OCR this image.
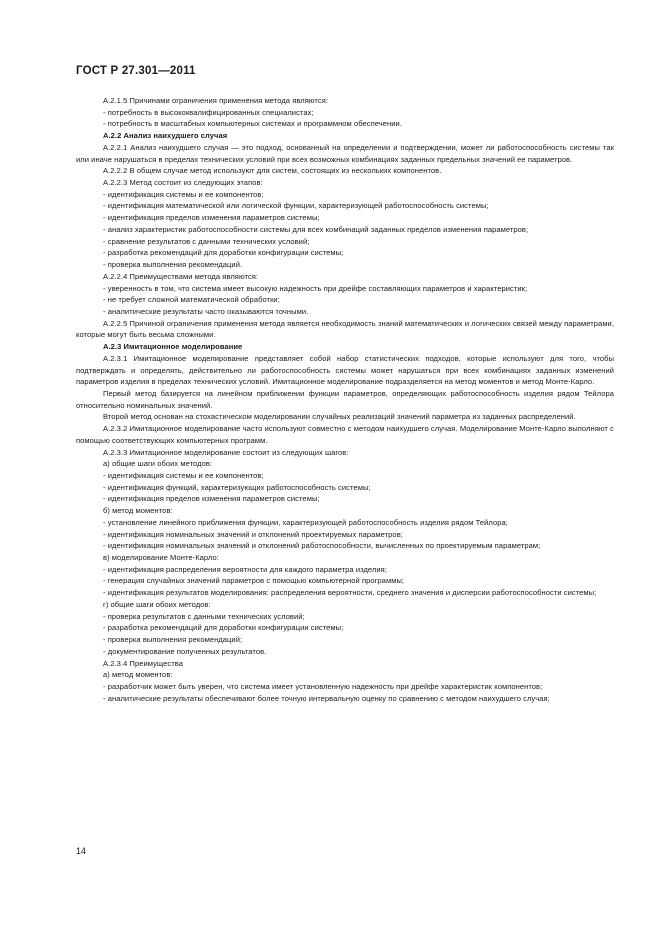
ГОСТ Р 27.301—2011

А.2.1.5 Причинами ограничения применения метода являются:

- потребность в высококвалифицированных специалистах;

- потребность в масштабных компьютерных системах и программном обеспечении.

А.2.2 Анализ наихудшего случая

А.2.2.1 Анализ наихудшего случая — это подход, основанный на определении и подтверждении, может ли работоспособность системы так или иначе нарушаться в пределах технических условий при всех возможных комбинациях заданных предельных значений ее параметров.

А.2.2.2 В общем случае метод используют для систем, состоящих из нескольких компонентов.

А.2.2.3 Метод состоит из следующих этапов:

- идентификация системы и ее компонентов;

- идентификация математической или логической функции, характеризующей работоспособность системы;

- идентификация пределов изменения параметров системы;

- анализ характеристик работоспособности системы для всех комбинаций заданных пределов изменения параметров;

- сравнение результатов с данными технических условий;

- разработка рекомендаций для доработки конфигурации системы;

- проверка выполнения рекомендаций.

А.2.2.4 Преимуществами метода являются:

- уверенность в том, что система имеет высокую надежность при дрейфе составляющих параметров и характеристик;

- не требует сложной математической обработки;

- аналитические результаты часто оказываются точными.

А.2.2.5 Причиной ограничения применения метода является необходимость знаний математических и логических связей между параметрами, которые могут быть весьма сложными.

А.2.3 Имитационное моделирование

А.2.3.1 Имитационное моделирование представляет собой набор статистических подходов, которые используют для того, чтобы подтверждать и определять, действительно ли работоспособность системы может нарушаться при всех комбинациях заданных изменений параметров изделия в пределах технических условий. Имитационное моделирование подразделяется на метод моментов и метод Монте-Карло.

Первый метод базируется на линейном приближении функции параметров, определяющих работоспособность изделия рядом Тейлора относительно номинальных значений.

Второй метод основан на стохастическом моделировании случайных реализаций значений параметра из заданных распределений.

А.2.3.2 Имитационное моделирование часто используют совместно с методом наихудшего случая. Моделирование Монте-Карло выполняют с помощью соответствующих компьютерных программ.

А.2.3.3 Имитационное моделирование состоит из следующих шагов:

а) общие шаги обоих методов:

- идентификация системы и ее компонентов;

- идентификация функций, характеризующих работоспособность системы;

- идентификация пределов изменения параметров системы;

б) метод моментов:

- установление линейного приближения функции, характеризующей работоспособность изделия рядом Тейлора;

- идентификация номинальных значений и отклонений проектируемых параметров;

- идентификация номинальных значений и отклонений работоспособности, вычисленных по проектируемым параметрам;

в) моделирование Монте-Карло:

- идентификация распределения вероятности для каждого параметра изделия;

- генерация случайных значений параметров с помощью компьютерной программы;

- идентификация результатов моделирования: распределения вероятности, среднего значения и дисперсии работоспособности системы;

г) общие шаги обоих методов:

- проверка результатов с данными технических условий;

- разработка рекомендаций для доработки конфигурации системы;

- проверка выполнения рекомендаций;

- документирование полученных результатов.

А.2.3.4 Преимущества

а) метод моментов:

- разработчик может быть уверен, что система имеет установленную надежность при дрейфе характеристик компонентов;

- аналитические результаты обеспечивают более точную интервальную оценку по сравнению с методом наихудшего случая;

14
